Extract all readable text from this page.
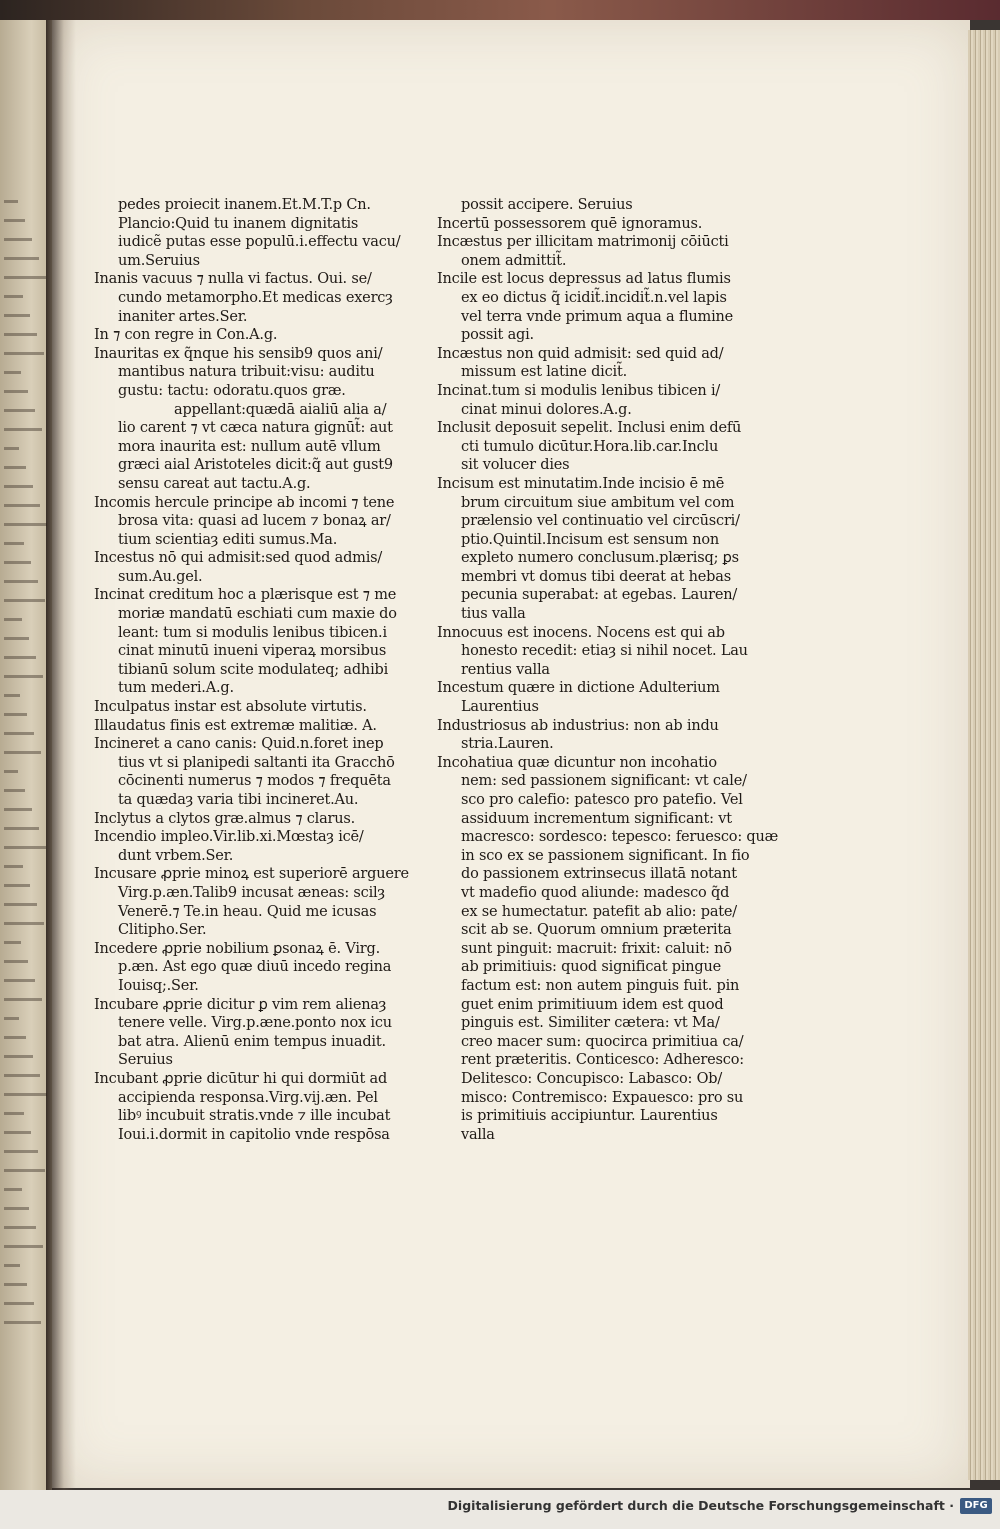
pedes proiecit inanem.Et.M.T.p Cn.
Plancio:Quid tu inanem dignitatis
iudicẽ putas esse populū.i.effectu vacu/
um.Seruius
Inanis vacuus ⁊ nulla vi factus. Oui. se/
cundo metamorpho.Et medicas exercȝ
inaniter artes.Ser.
In ⁊ con regre in Con.A.g.
Inauritas ex q̃nque his sensib9 quos ani/
mantibus natura tribuit:visu: auditu
gustu: tactu: odoratu.quos græ.
appellant:quædā aialiū alia a/
lio carent ⁊ vt cæca natura gignūt̃: aut
mora inaurita est: nullum autē vllum
græci aial Aristoteles dicit:q̃ aut gust9
sensu careat aut tactu.A.g.
Incomis hercule principe ab incomi ⁊ tene
brosa vita: quasi ad lucem ⁊ bonaꝝ ar/
tium scientiaȝ editi sumus.Ma.
Incestus nō qui admisit:sed quod admis/
sum.Au.gel.
Incinat creditum hoc a plærisque est ⁊ me
moriæ mandatū eschiati cum maxie do
leant: tum si modulis lenibus tibicen.i
cinat minutū inueni viperaꝝ morsibus
tibianū solum scite modulateq; adhibi
tum mederi.A.g.
Inculpatus instar est absolute virtutis.
Illaudatus finis est extremæ malitiæ. A.
Incineret a cano canis: Quid.n.foret inep
tius vt si planipedi saltanti ita Gracchō
cōcinenti numerus ⁊ modos ⁊ frequēta
ta quædaȝ varia tibi incineret.Au.
Inclytus a clytos græ.almus ⁊ clarus.
Incendio impleo.Vir.lib.xi.Mœstaȝ icē/
dunt vrbem.Ser.
Incusare ꝓprie minoꝝ est superiorē arguere
Virg.p.æn.Talib9 incusat æneas: scilȝ
Venerē.⁊ Te.in heau. Quid me icusas
Clitipho.Ser.
Incedere ꝓprie nobilium ꝑsonaꝝ ē. Virg.
p.æn. Ast ego quæ diuū incedo regina
Iouisq;.Ser.
Incubare ꝓprie dicitur ꝑ vim rem alienaȝ
tenere velle. Virg.p.æne.ponto nox icu
bat atra. Alienū enim tempus inuadit.
Seruius
Incubant ꝓprie dicūtur hi qui dormiūt ad
accipienda responsa.Virg.vij.æn. Pel
libꝰ incubuit stratis.vnde ⁊ ille incubat
Ioui.i.dormit in capitolio vnde respōsa
possit accipere. Seruius
Incertū possessorem quē ignoramus.
Incæstus per illicitam matrimonij cōiūcti
onem admittit̃.
Incile est locus depressus ad latus flumis
ex eo dictus q̃ icidit̃.incidit̃.n.vel lapis
vel terra vnde primum aqua a flumine
possit agi.
Incæstus non quid admisit: sed quid ad/
missum est latine dicit̃.
Incinat.tum si modulis lenibus tibicen i/
cinat minui dolores.A.g.
Inclusit deposuit sepelit. Inclusi enim defū
cti tumulo dicūtur.Hora.lib.car.Inclu
sit volucer dies
Incisum est minutatim.Inde incisio ē mē
brum circuitum siue ambitum vel com
prælensio vel continuatio vel circūscri/
ptio.Quintil.Incisum est sensum non
expleto numero conclusum.plærisq; ꝑs
membri vt domus tibi deerat at hebas
pecunia superabat: at egebas. Lauren/
tius valla
Innocuus est inocens. Nocens est qui ab
honesto recedit: etiaȝ si nihil nocet. Lau
rentius valla
Incestum quære in dictione Adulterium
Laurentius
Industriosus ab industrius: non ab indu
stria.Lauren.
Incohatiua quæ dicuntur non incohatio
nem: sed passionem significant: vt cale/
sco pro calefio: patesco pro patefio. Vel
assiduum incrementum significant: vt
macresco: sordesco: tepesco: feruesco: quæ
in sco ex se passionem significant. In fio
do passionem extrinsecus illatā notant
vt madefio quod aliunde: madesco q̃d
ex se humectatur. patefit ab alio: pate/
scit ab se. Quorum omnium præterita
sunt pinguit: macruit: frixit: caluit: nō
ab primitiuis: quod significat pingue
factum est: non autem pinguis fuit. pin
guet enim primitiuum idem est quod
pinguis est. Similiter cætera: vt Ma/
creo macer sum: quocirca primitiua ca/
rent præteritis. Conticesco: Adheresco:
Delitesco: Concupisco: Labasco: Ob/
misco: Contremisco: Expauesco: pro su
is primitiuis accipiuntur. Laurentius
valla
Digitalisierung gefördert durch die Deutsche Forschungsgemeinschaft ·	DFG
